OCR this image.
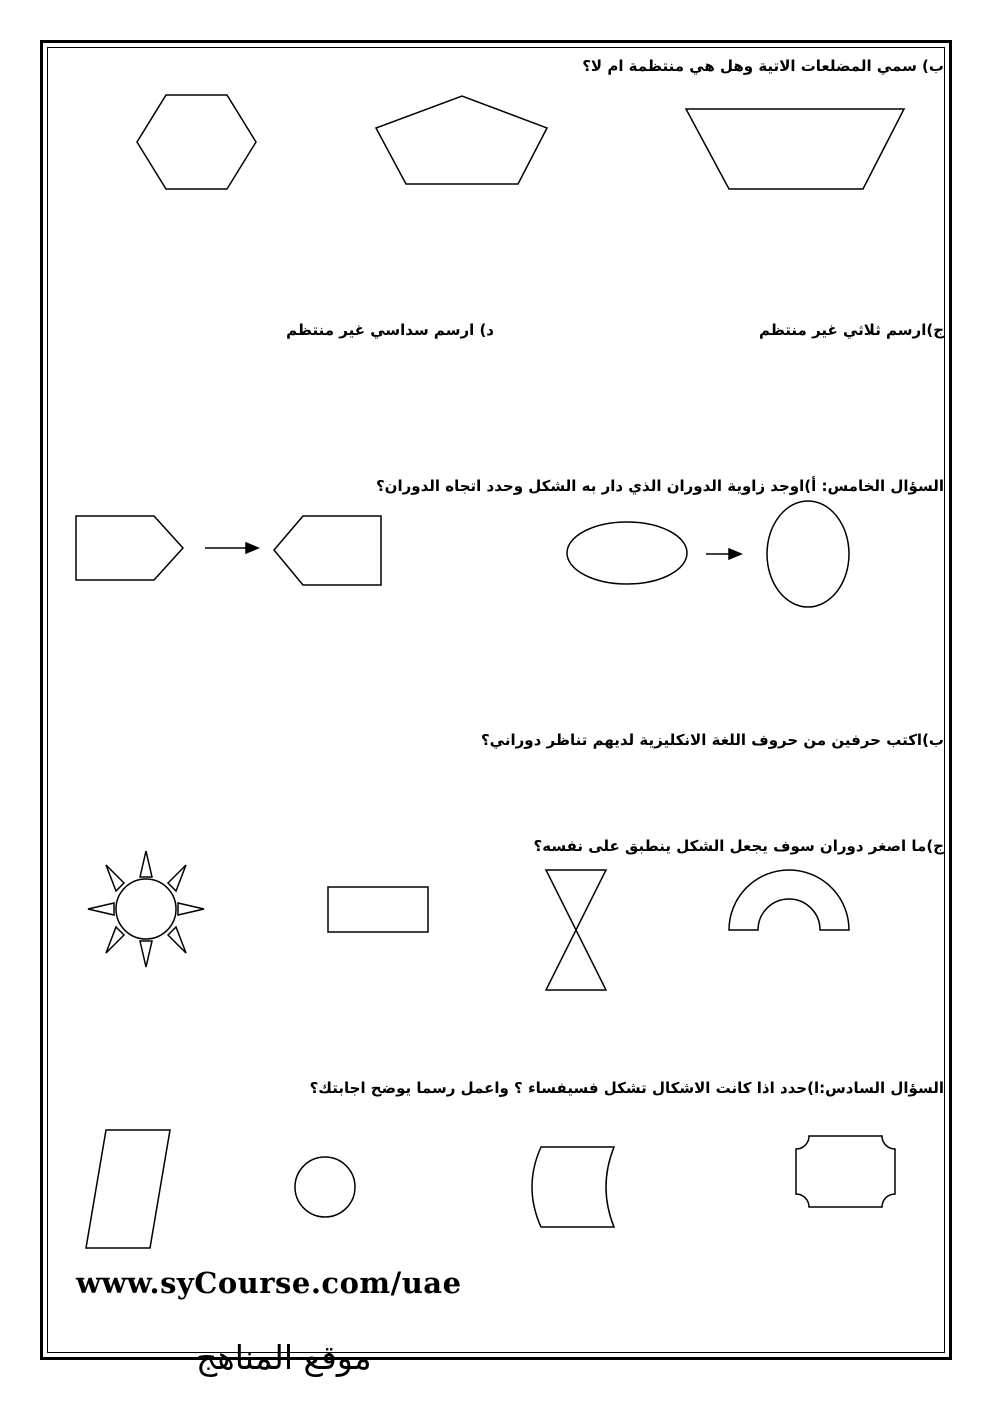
ب) سمي المضلعات الاتية وهل هي منتظمة ام لا؟
ج)ارسم ثلاثي غير منتظم
د) ارسم سداسي غير منتظم
السؤال الخامس: أ)اوجد زاوية الدوران الذي دار به الشكل وحدد اتجاه الدوران؟
ب)اكتب حرفين من حروف اللغة الانكليزية لديهم تناظر دوراني؟
ج)ما اصغر دوران سوف يجعل الشكل ينطبق على نفسه؟
السؤال السادس:ا)حدد اذا كانت الاشكال تشكل فسيفساء ؟ واعمل رسما يوضح اجابتك؟
www.syCourse.com/uae
موقع المناهج
